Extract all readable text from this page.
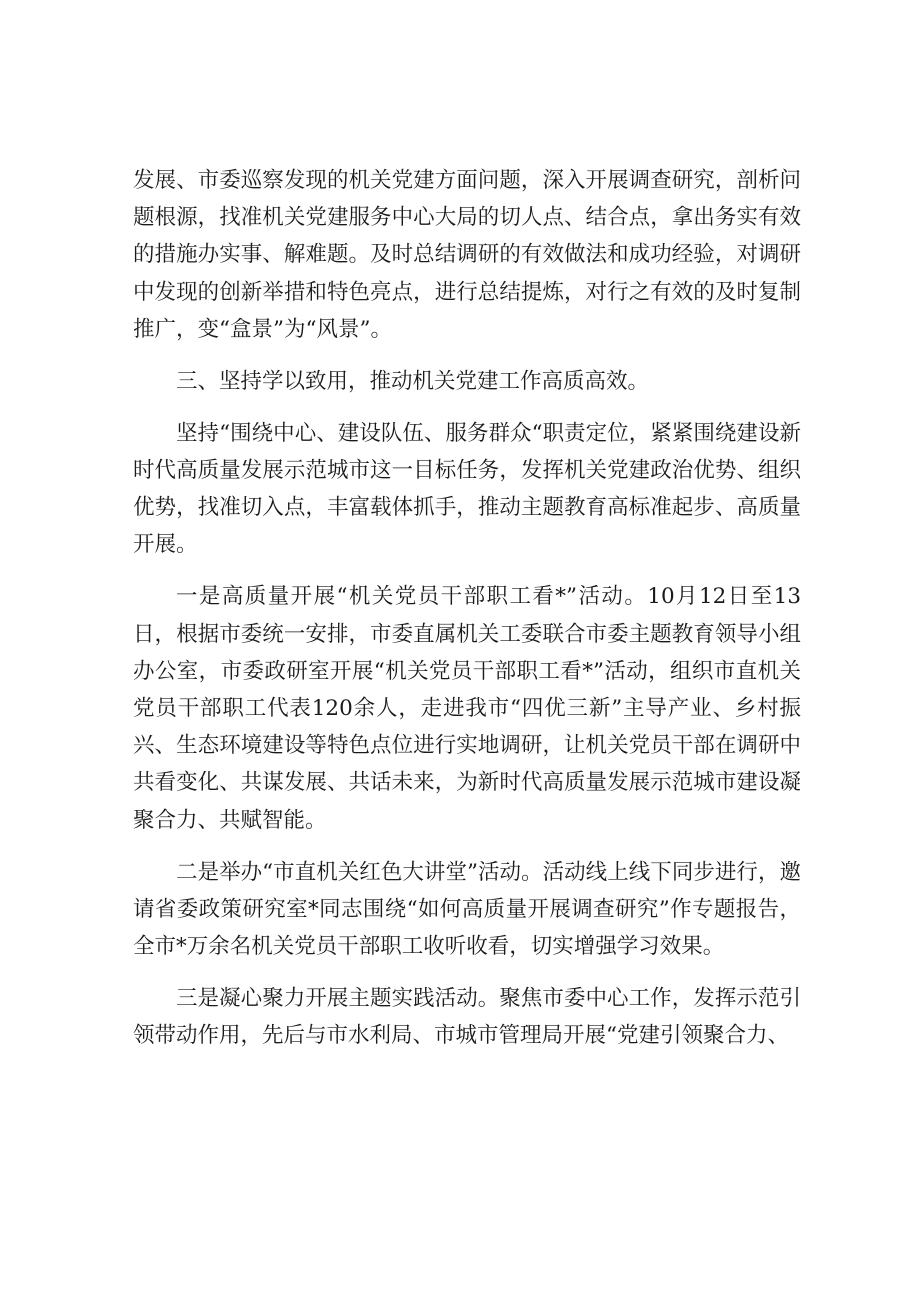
发展、市委巡察发现的机关党建方面问题，深入开展调查研究，剖析问题根源，找准机关党建服务中心大局的切人点、结合点，拿出务实有效的措施办实事、解难题。及时总结调研的有效做法和成功经验，对调研中发现的创新举措和特色亮点，进行总结提炼，对行之有效的及时复制推广，变“盒景”为“风景”。

三、坚持学以致用，推动机关党建工作高质高效。

坚持“围绕中心、建设队伍、服务群众“职责定位，紧紧围绕建设新时代高质量发展示范城市这一目标任务，发挥机关党建政治优势、组织优势，找准切入点，丰富载体抓手，推动主题教育高标准起步、高质量开展。

一是高质量开展“机关党员干部职工看*”活动。10月12日至13日，根据市委统一安排，市委直属机关工委联合市委主题教育领导小组办公室，市委政研室开展“机关党员干部职工看*”活动，组织市直机关党员干部职工代表120余人，走进我市“四优三新”主导产业、乡村振兴、生态环境建设等特色点位进行实地调研，让机关党员干部在调研中共看变化、共谋发展、共话未来，为新时代高质量发展示范城市建设凝聚合力、共赋智能。

二是举办“市直机关红色大讲堂”活动。活动线上线下同步进行，邀请省委政策研究室*同志围绕“如何高质量开展调查研究”作专题报告，全市*万余名机关党员干部职工收听收看，切实增强学习效果。

三是凝心聚力开展主题实践活动。聚焦市委中心工作，发挥示范引领带动作用，先后与市水利局、市城市管理局开展“党建引领聚合力、
